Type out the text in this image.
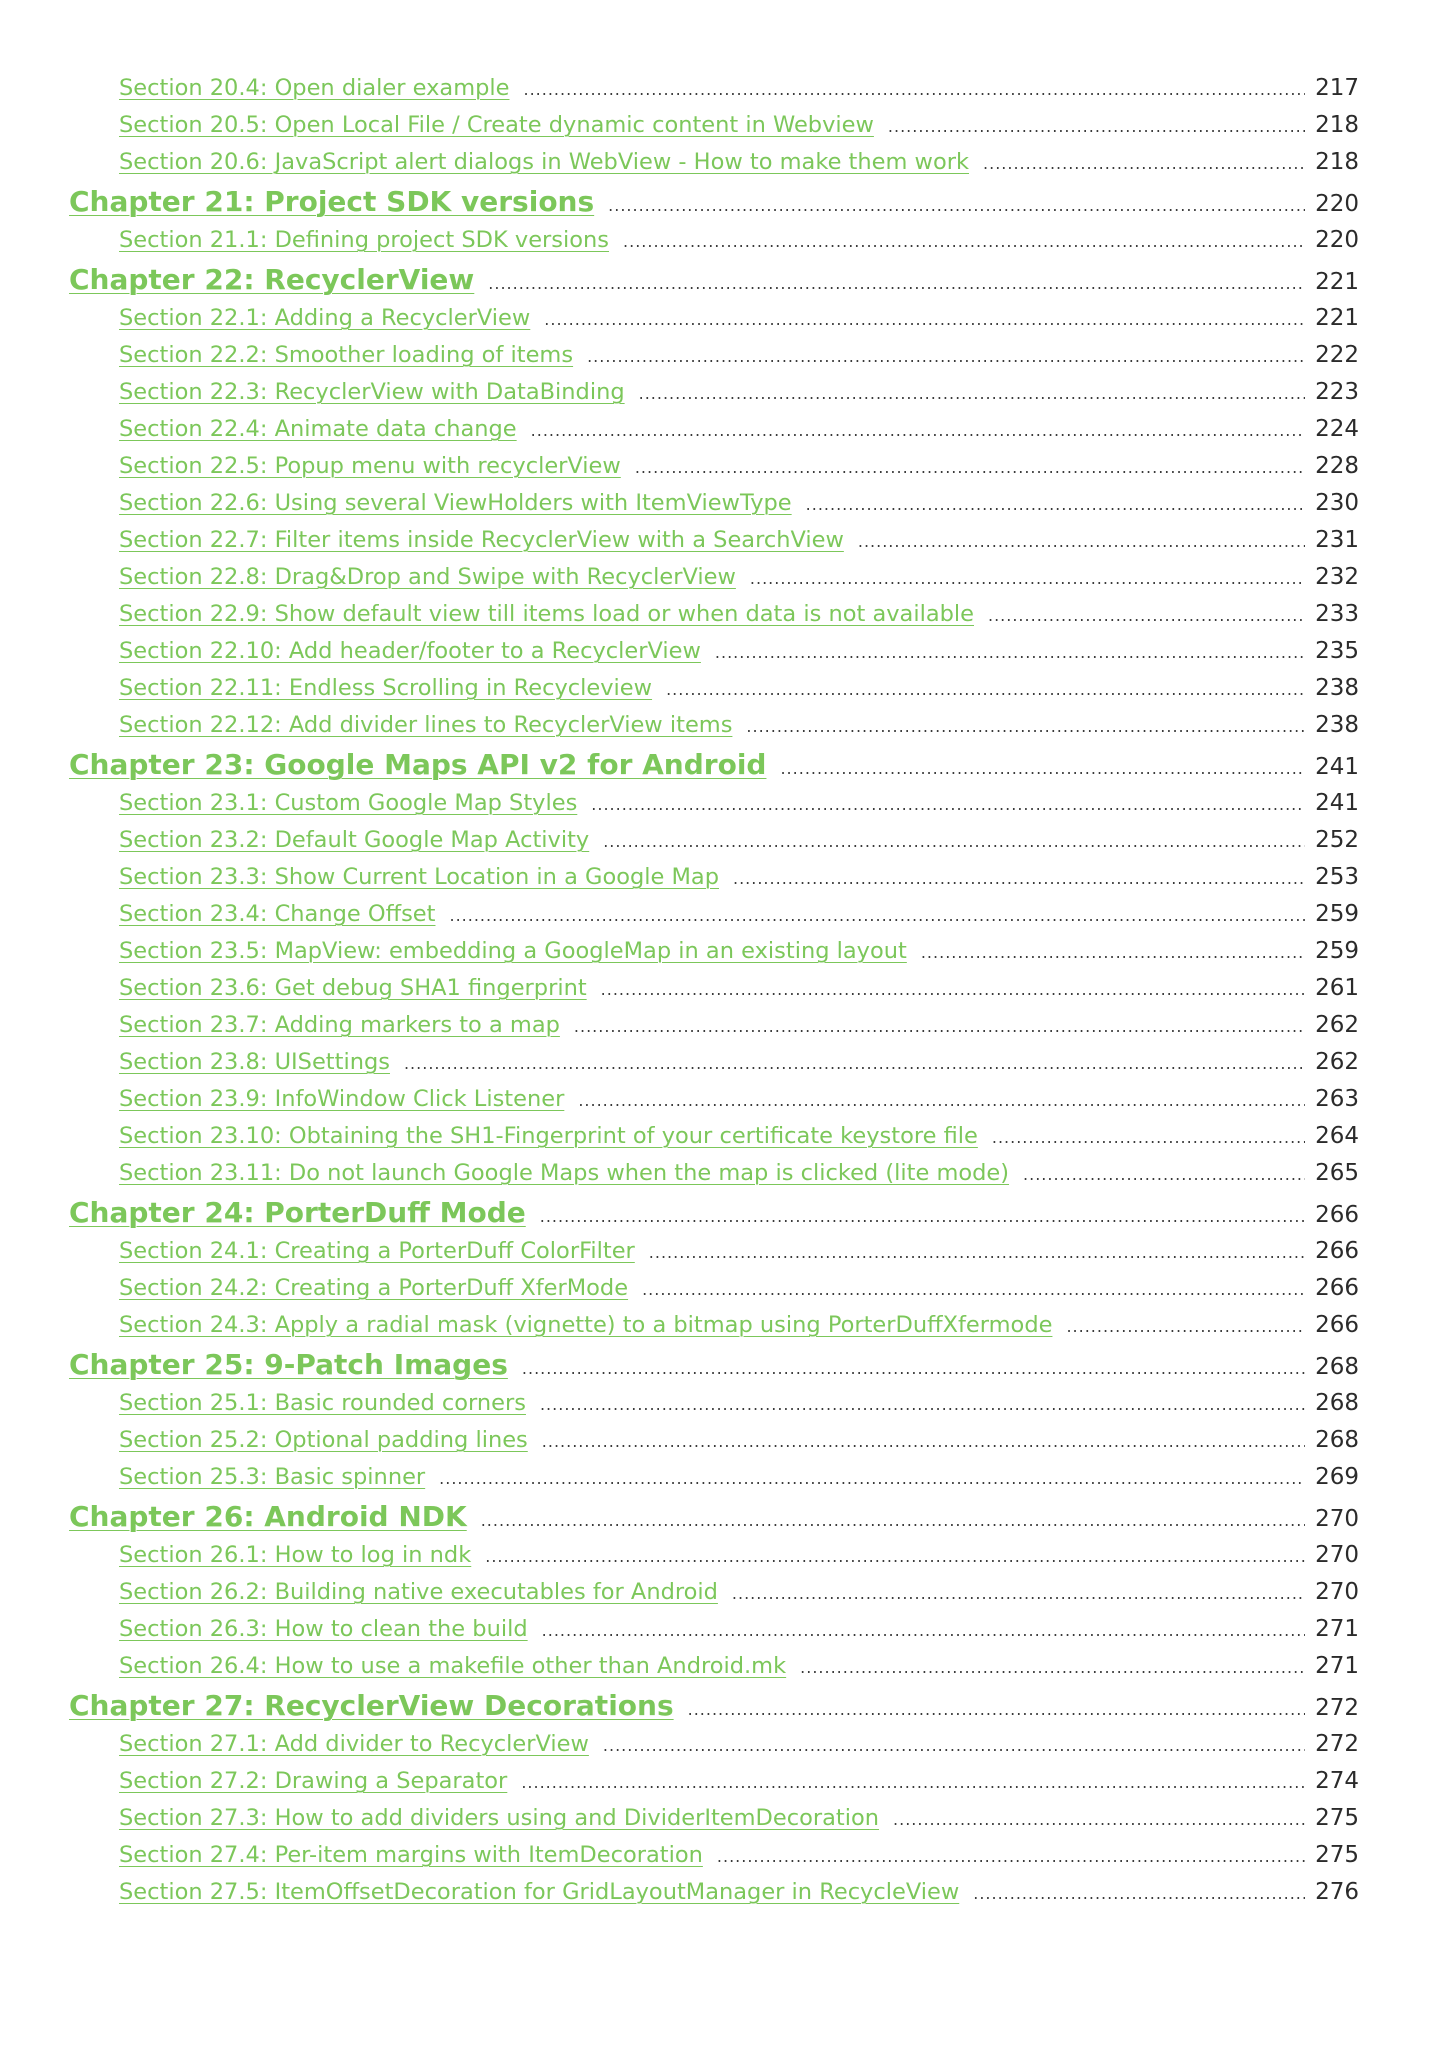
Section 20.4: Open dialer example .....	217
Section 20.5: Open Local File / Create dynamic content in Webview .....	218
Section 20.6: JavaScript alert dialogs in WebView - How to make them work .....	218
Chapter 21: Project SDK versions .....	220
Section 21.1: Defining project SDK versions .....	220
Chapter 22: RecyclerView .....	221
Section 22.1: Adding a RecyclerView .....	221
Section 22.2: Smoother loading of items .....	222
Section 22.3: RecyclerView with DataBinding .....	223
Section 22.4: Animate data change .....	224
Section 22.5: Popup menu with recyclerView .....	228
Section 22.6: Using several ViewHolders with ItemViewType .....	230
Section 22.7: Filter items inside RecyclerView with a SearchView .....	231
Section 22.8: Drag&Drop and Swipe with RecyclerView .....	232
Section 22.9: Show default view till items load or when data is not available .....	233
Section 22.10: Add header/footer to a RecyclerView .....	235
Section 22.11: Endless Scrolling in Recycleview .....	238
Section 22.12: Add divider lines to RecyclerView items .....	238
Chapter 23: Google Maps API v2 for Android .....	241
Section 23.1: Custom Google Map Styles .....	241
Section 23.2: Default Google Map Activity .....	252
Section 23.3: Show Current Location in a Google Map .....	253
Section 23.4: Change Offset .....	259
Section 23.5: MapView: embedding a GoogleMap in an existing layout .....	259
Section 23.6: Get debug SHA1 fingerprint .....	261
Section 23.7: Adding markers to a map .....	262
Section 23.8: UISettings .....	262
Section 23.9: InfoWindow Click Listener .....	263
Section 23.10: Obtaining the SH1-Fingerprint of your certificate keystore file .....	264
Section 23.11: Do not launch Google Maps when the map is clicked (lite mode) .....	265
Chapter 24: PorterDuff Mode .....	266
Section 24.1: Creating a PorterDuff ColorFilter .....	266
Section 24.2: Creating a PorterDuff XferMode .....	266
Section 24.3: Apply a radial mask (vignette) to a bitmap using PorterDuffXfermode .....	266
Chapter 25: 9-Patch Images .....	268
Section 25.1: Basic rounded corners .....	268
Section 25.2: Optional padding lines .....	268
Section 25.3: Basic spinner .....	269
Chapter 26: Android NDK .....	270
Section 26.1: How to log in ndk .....	270
Section 26.2: Building native executables for Android .....	270
Section 26.3: How to clean the build .....	271
Section 26.4: How to use a makefile other than Android.mk .....	271
Chapter 27: RecyclerView Decorations .....	272
Section 27.1: Add divider to RecyclerView .....	272
Section 27.2: Drawing a Separator .....	274
Section 27.3: How to add dividers using and DividerItemDecoration .....	275
Section 27.4: Per-item margins with ItemDecoration .....	275
Section 27.5: ItemOffsetDecoration for GridLayoutManager in RecycleView .....	276
